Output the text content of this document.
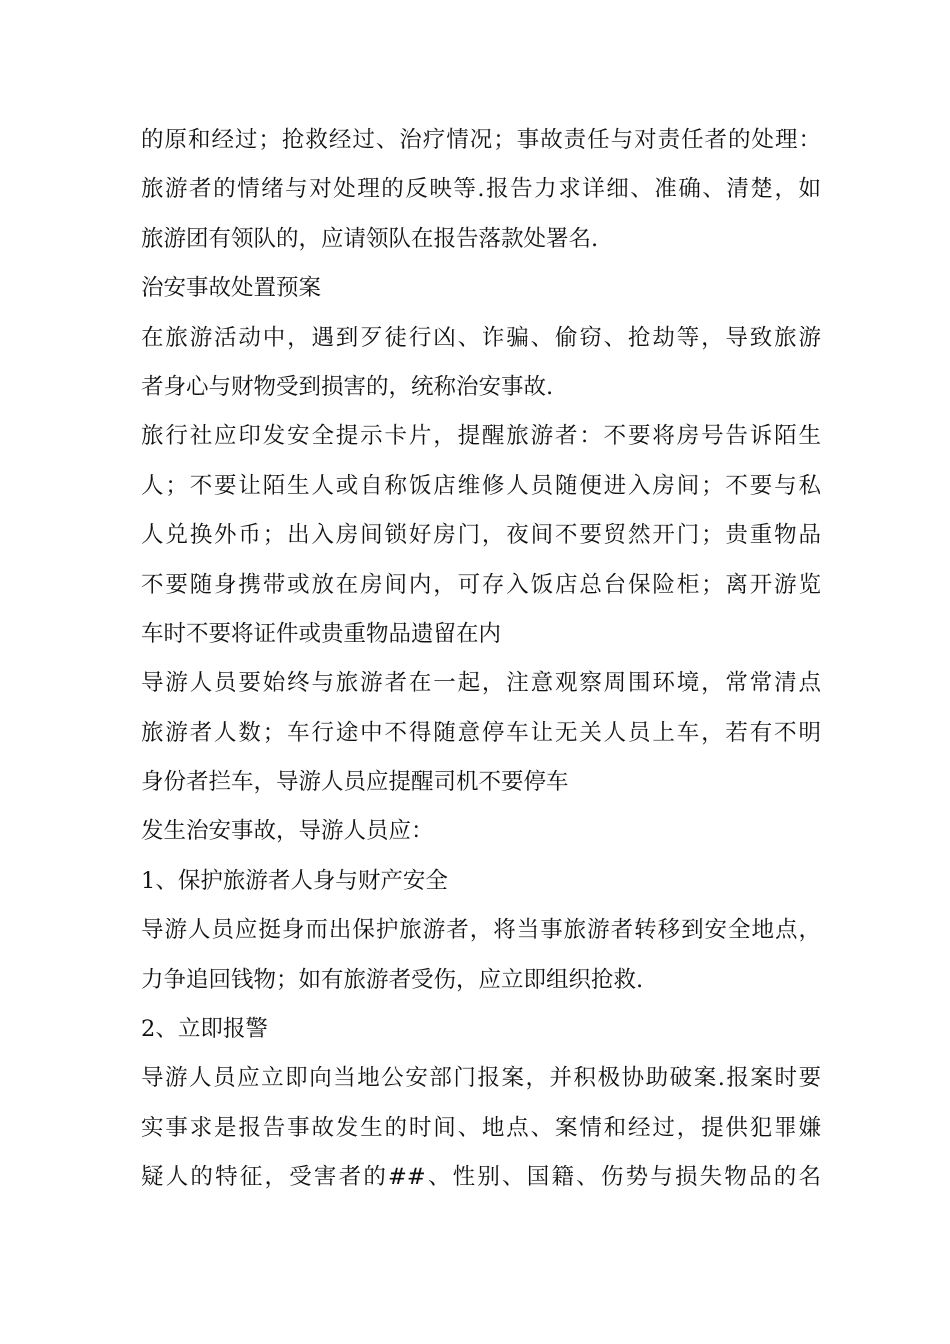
的原和经过；抢救经过、治疗情况；事故责任与对责任者的处理：
旅游者的情绪与对处理的反映等.报告力求详细、准确、清楚，如
旅游团有领队的，应请领队在报告落款处署名.
治安事故处置预案
在旅游活动中，遇到歹徒行凶、诈骗、偷窃、抢劫等，导致旅游
者身心与财物受到损害的，统称治安事故.
旅行社应印发安全提示卡片，提醒旅游者：不要将房号告诉陌生
人；不要让陌生人或自称饭店维修人员随便进入房间；不要与私
人兑换外币；出入房间锁好房门，夜间不要贸然开门；贵重物品
不要随身携带或放在房间内，可存入饭店总台保险柜；离开游览
车时不要将证件或贵重物品遗留在内
导游人员要始终与旅游者在一起，注意观察周围环境，常常清点
旅游者人数；车行途中不得随意停车让无关人员上车，若有不明
身份者拦车，导游人员应提醒司机不要停车
发生治安事故，导游人员应：
1、保护旅游者人身与财产安全
导游人员应挺身而出保护旅游者，将当事旅游者转移到安全地点，
力争追回钱物；如有旅游者受伤，应立即组织抢救.
2、立即报警
导游人员应立即向当地公安部门报案，并积极协助破案.报案时要
实事求是报告事故发生的时间、地点、案情和经过，提供犯罪嫌
疑人的特征，受害者的##、性别、国籍、伤势与损失物品的名
